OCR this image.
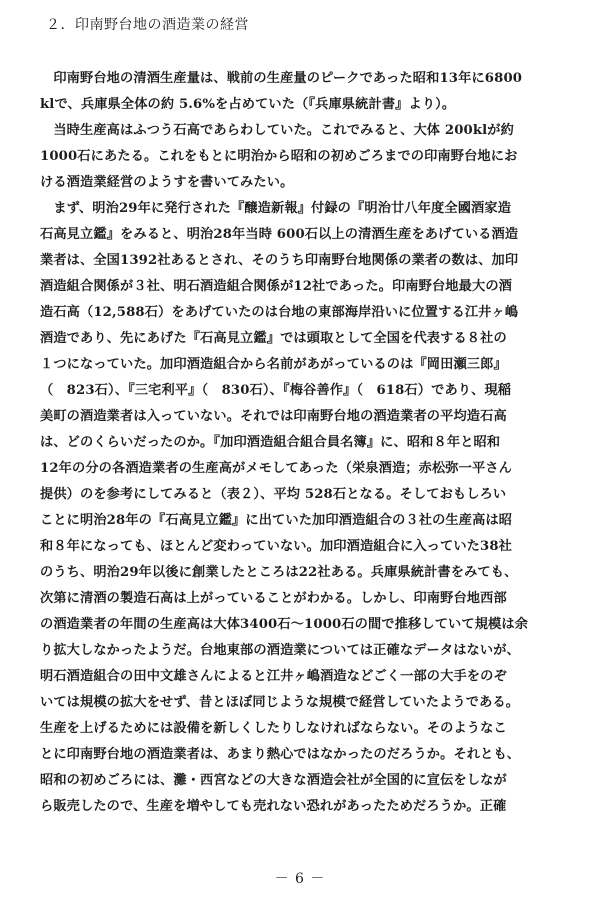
２．印南野台地の酒造業の経営
　印南野台地の清酒生産量は、戦前の生産量のピークであった昭和13年に6800
klで、兵庫県全体の約 5.6%を占めていた（『兵庫県統計書』より）。
　当時生産高はふつう石高であらわしていた。これでみると、大体 200klが約
1000石にあたる。これをもとに明治から昭和の初めごろまでの印南野台地にお
ける酒造業経営のようすを書いてみたい。
　まず、明治29年に発行された『醸造新報』付録の『明治廿八年度全國酒家造
石高見立鑑』をみると、明治28年当時 600石以上の清酒生産をあげている酒造
業者は、全国1392社あるとされ、そのうち印南野台地関係の業者の数は、加印
酒造組合関係が３社、明石酒造組合関係が12社であった。印南野台地最大の酒
造石高（12,588石）をあげていたのは台地の東部海岸沿いに位置する江井ヶ嶋
酒造であり、先にあげた『石高見立鑑』では頭取として全国を代表する８社の
１つになっていた。加印酒造組合から名前があがっているのは『岡田瀬三郎』
（　823石）、『三宅利平』（　830石）、『梅谷善作』（　618石）であり、現稲
美町の酒造業者は入っていない。それでは印南野台地の酒造業者の平均造石高
は、どのくらいだったのか。『加印酒造組合組合員名簿』に、昭和８年と昭和
12年の分の各酒造業者の生産高がメモしてあった（栄泉酒造；赤松弥一平さん
提供）のを参考にしてみると（表２）、平均 528石となる。そしておもしろい
ことに明治28年の『石高見立鑑』に出ていた加印酒造組合の３社の生産高は昭
和８年になっても、ほとんど変わっていない。加印酒造組合に入っていた38社
のうち、明治29年以後に創業したところは22社ある。兵庫県統計書をみても、
次第に清酒の製造石高は上がっていることがわかる。しかし、印南野台地西部
の酒造業者の年間の生産高は大体3400石～1000石の間で推移していて規模は余
り拡大しなかったようだ。台地東部の酒造業については正確なデータはないが、
明石酒造組合の田中文雄さんによると江井ヶ嶋酒造などごく一部の大手をのぞ
いては規模の拡大をせず、昔とほぼ同じような規模で経営していたようである。
生産を上げるためには設備を新しくしたりしなければならない。そのようなこ
とに印南野台地の酒造業者は、あまり熱心ではなかったのだろうか。それとも、
昭和の初めごろには、灘・西宮などの大きな酒造会社が全国的に宣伝をしなが
ら販売したので、生産を増やしても売れない恐れがあったためだろうか。正確
－ 6 －
